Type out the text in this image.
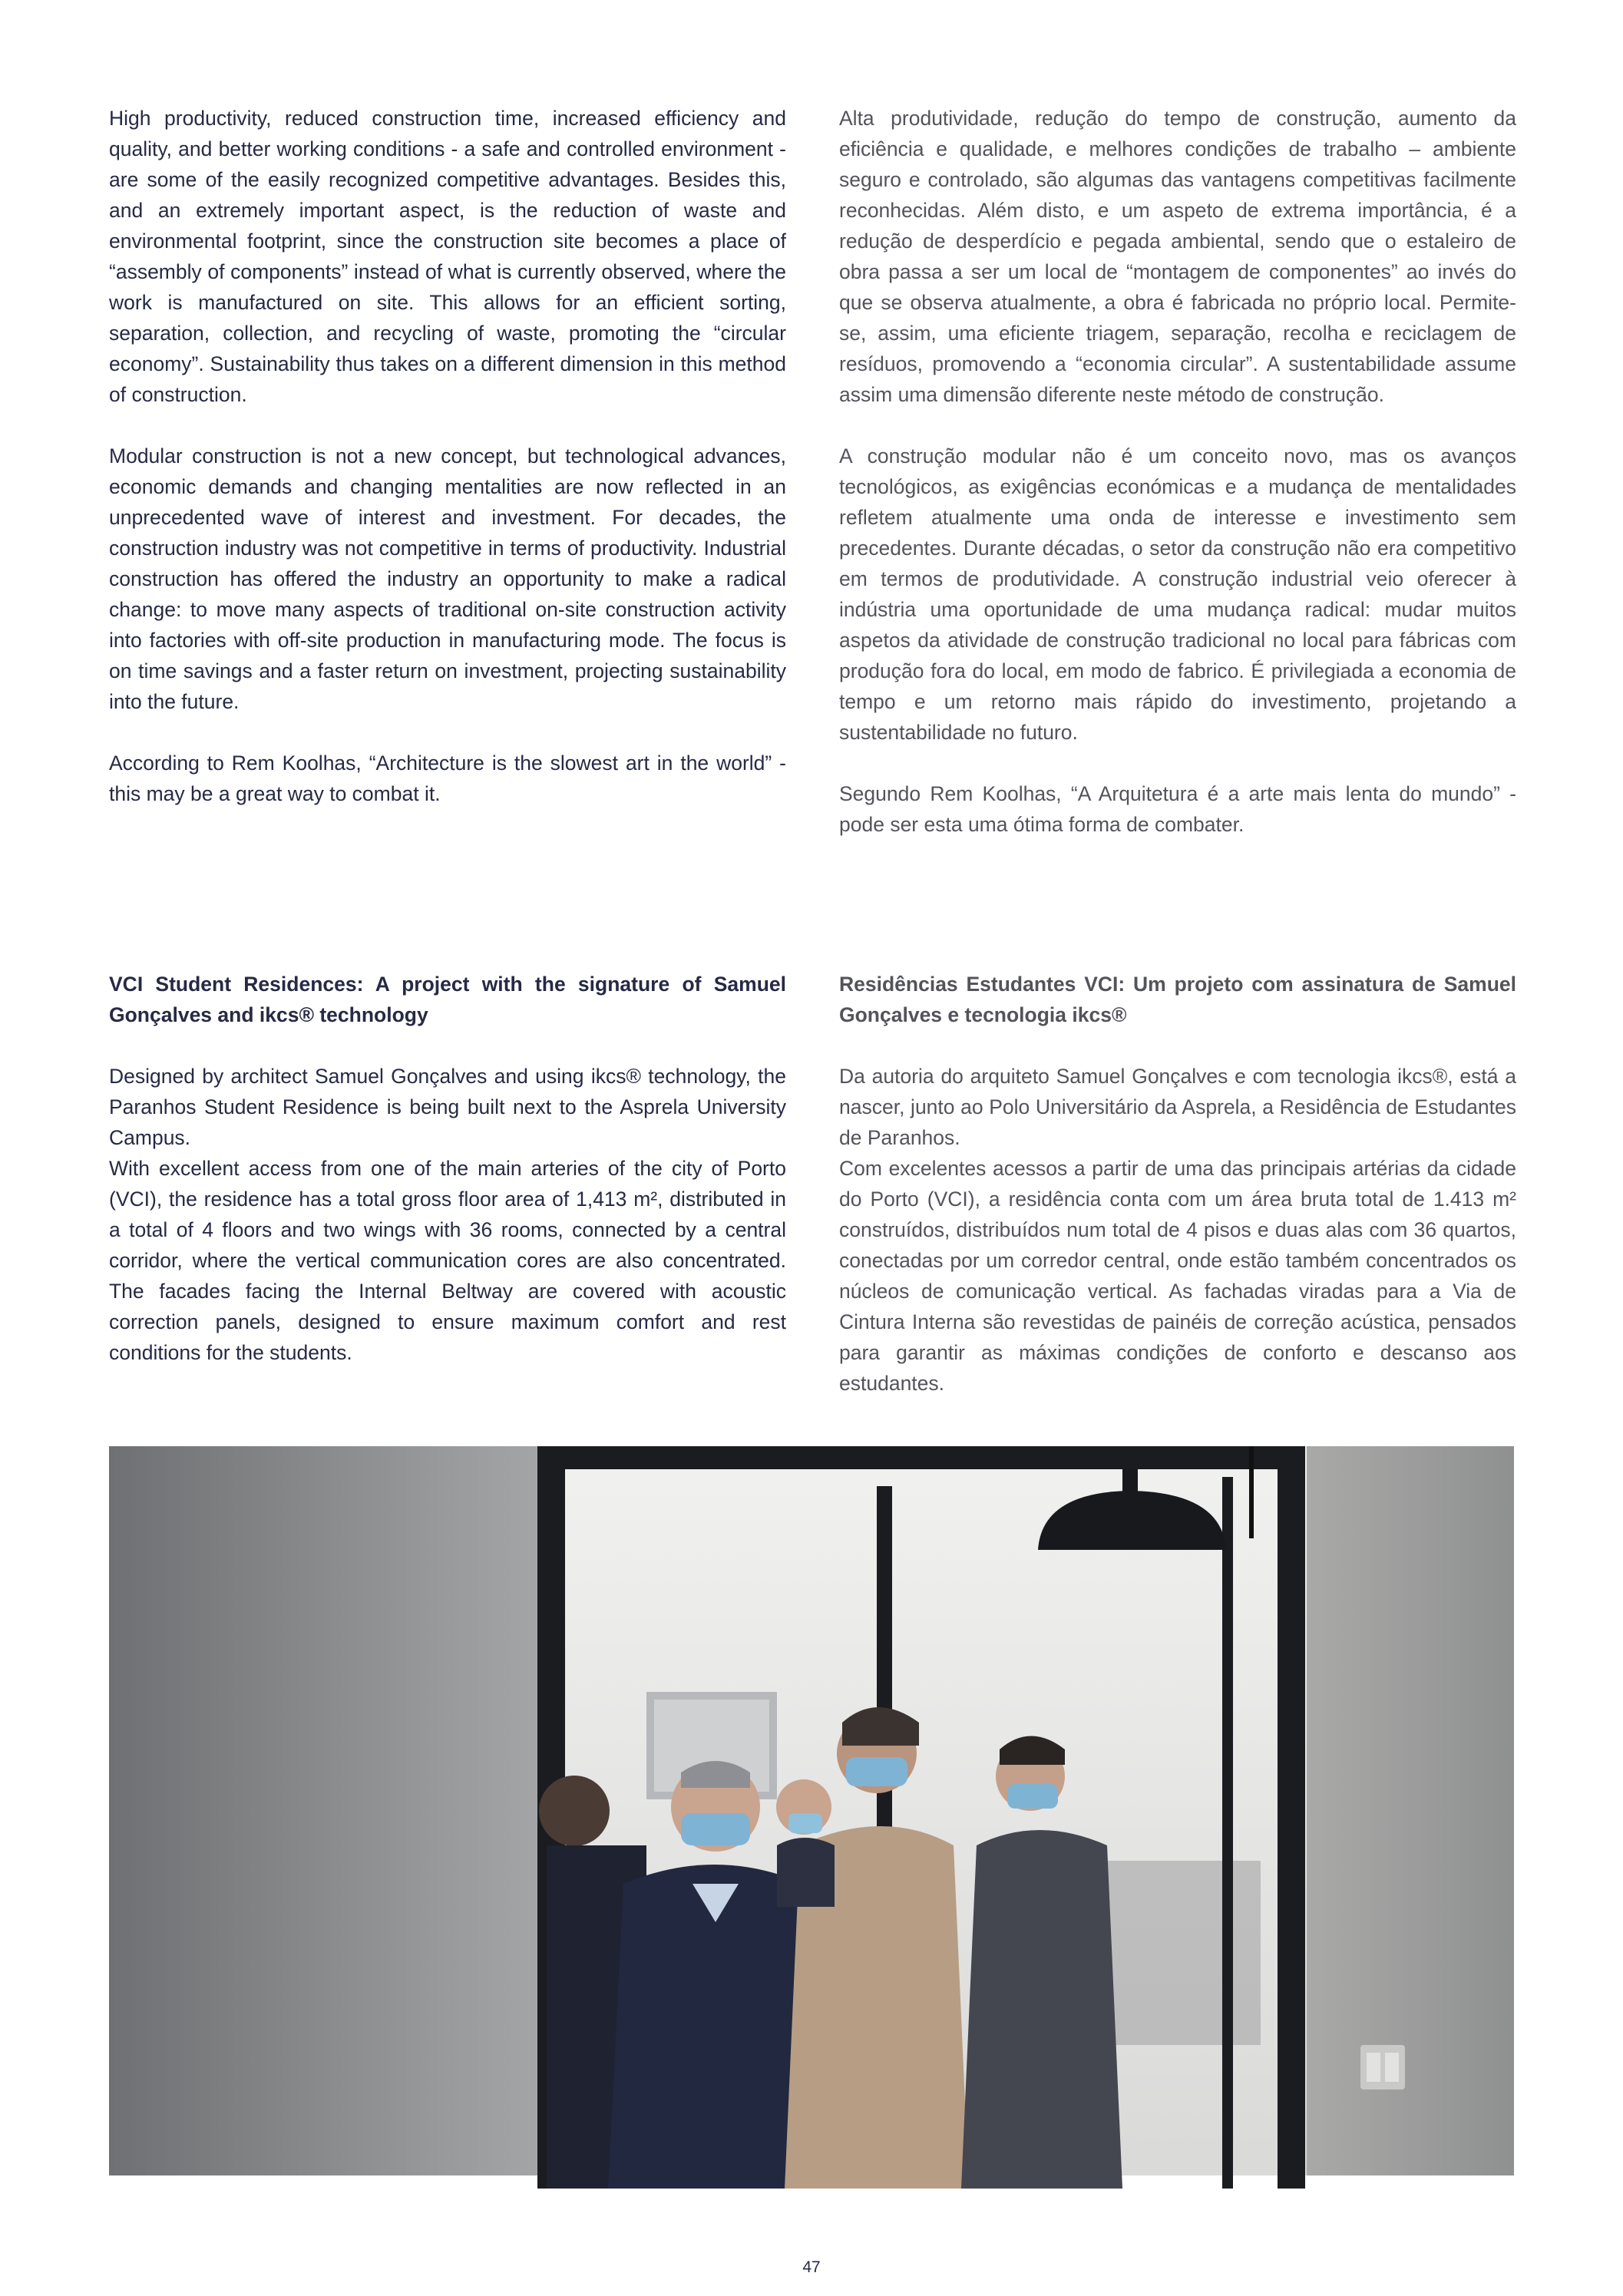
High productivity, reduced construction time, increased efficiency and quality, and better working conditions - a safe and controlled environment - are some of the easily recognized competitive advantages. Besides this, and an extremely important aspect, is the reduction of waste and environmental footprint, since the construction site becomes a place of “assembly of components” instead of what is currently observed, where the work is manufactured on site. This allows for an efficient sorting, separation, collection, and recycling of waste, promoting the “circular economy”. Sustainability thus takes on a different dimension in this method of construction.

Modular construction is not a new concept, but technological advances, economic demands and changing mentalities are now reflected in an unprecedented wave of interest and investment. For decades, the construction industry was not competitive in terms of productivity. Industrial construction has offered the industry an opportunity to make a radical change: to move many aspects of traditional on-site construction activity into factories with off-site production in manufacturing mode. The focus is on time savings and a faster return on investment, projecting sustainability into the future.

According to Rem Koolhas, “Architecture is the slowest art in the world” - this may be a great way to combat it.

Alta produtividade, redução do tempo de construção, aumento da eficiência e qualidade, e melhores condições de trabalho – ambiente seguro e controlado, são algumas das vantagens competitivas facilmente reconhecidas. Além disto, e um aspeto de extrema importância, é a redução de desperdício e pegada ambiental, sendo que o estaleiro de obra passa a ser um local de “montagem de componentes” ao invés do que se observa atualmente, a obra é fabricada no próprio local. Permite-se, assim, uma eficiente triagem, separação, recolha e reciclagem de resíduos, promovendo a “economia circular”. A sustentabilidade assume assim uma dimensão diferente neste método de construção.

A construção modular não é um conceito novo, mas os avanços tecnológicos, as exigências económicas e a mudança de mentalidades refletem atualmente uma onda de interesse e investimento sem precedentes. Durante décadas, o setor da construção não era competitivo em termos de produtividade. A construção industrial veio oferecer à indústria uma oportunidade de uma mudança radical: mudar muitos aspetos da atividade de construção tradicional no local para fábricas com produção fora do local, em modo de fabrico. É privilegiada a economia de tempo e um retorno mais rápido do investimento, projetando a sustentabilidade no futuro.

Segundo Rem Koolhas, “A Arquitetura é a arte mais lenta do mundo” - pode ser esta uma ótima forma de combater.

VCI Student Residences: A project with the signature of Samuel Gonçalves and ikcs® technology

Designed by architect Samuel Gonçalves and using ikcs® technology, the Paranhos Student Residence is being built next to the Asprela University Campus.

With excellent access from one of the main arteries of the city of Porto (VCI), the residence has a total gross floor area of 1,413 m², distributed in a total of 4 floors and two wings with 36 rooms, connected by a central corridor, where the vertical communication cores are also concentrated. The facades facing the Internal Beltway are covered with acoustic correction panels, designed to ensure maximum comfort and rest conditions for the students.

Residências Estudantes VCI: Um projeto com assinatura de Samuel Gonçalves e tecnologia ikcs®

Da autoria do arquiteto Samuel Gonçalves e com tecnologia ikcs®, está a nascer, junto ao Polo Universitário da Asprela, a Residência de Estudantes de Paranhos.

Com excelentes acessos a partir de uma das principais artérias da cidade do Porto (VCI), a residência conta com um área bruta total de 1.413 m² construídos, distribuídos num total de 4 pisos e duas alas com 36 quartos, conectadas por um corredor central, onde estão também concentrados os núcleos de comunicação vertical. As fachadas viradas para a Via de Cintura Interna são revestidas de painéis de correção acústica, pensados para garantir as máximas condições de conforto e descanso aos estudantes.

47
